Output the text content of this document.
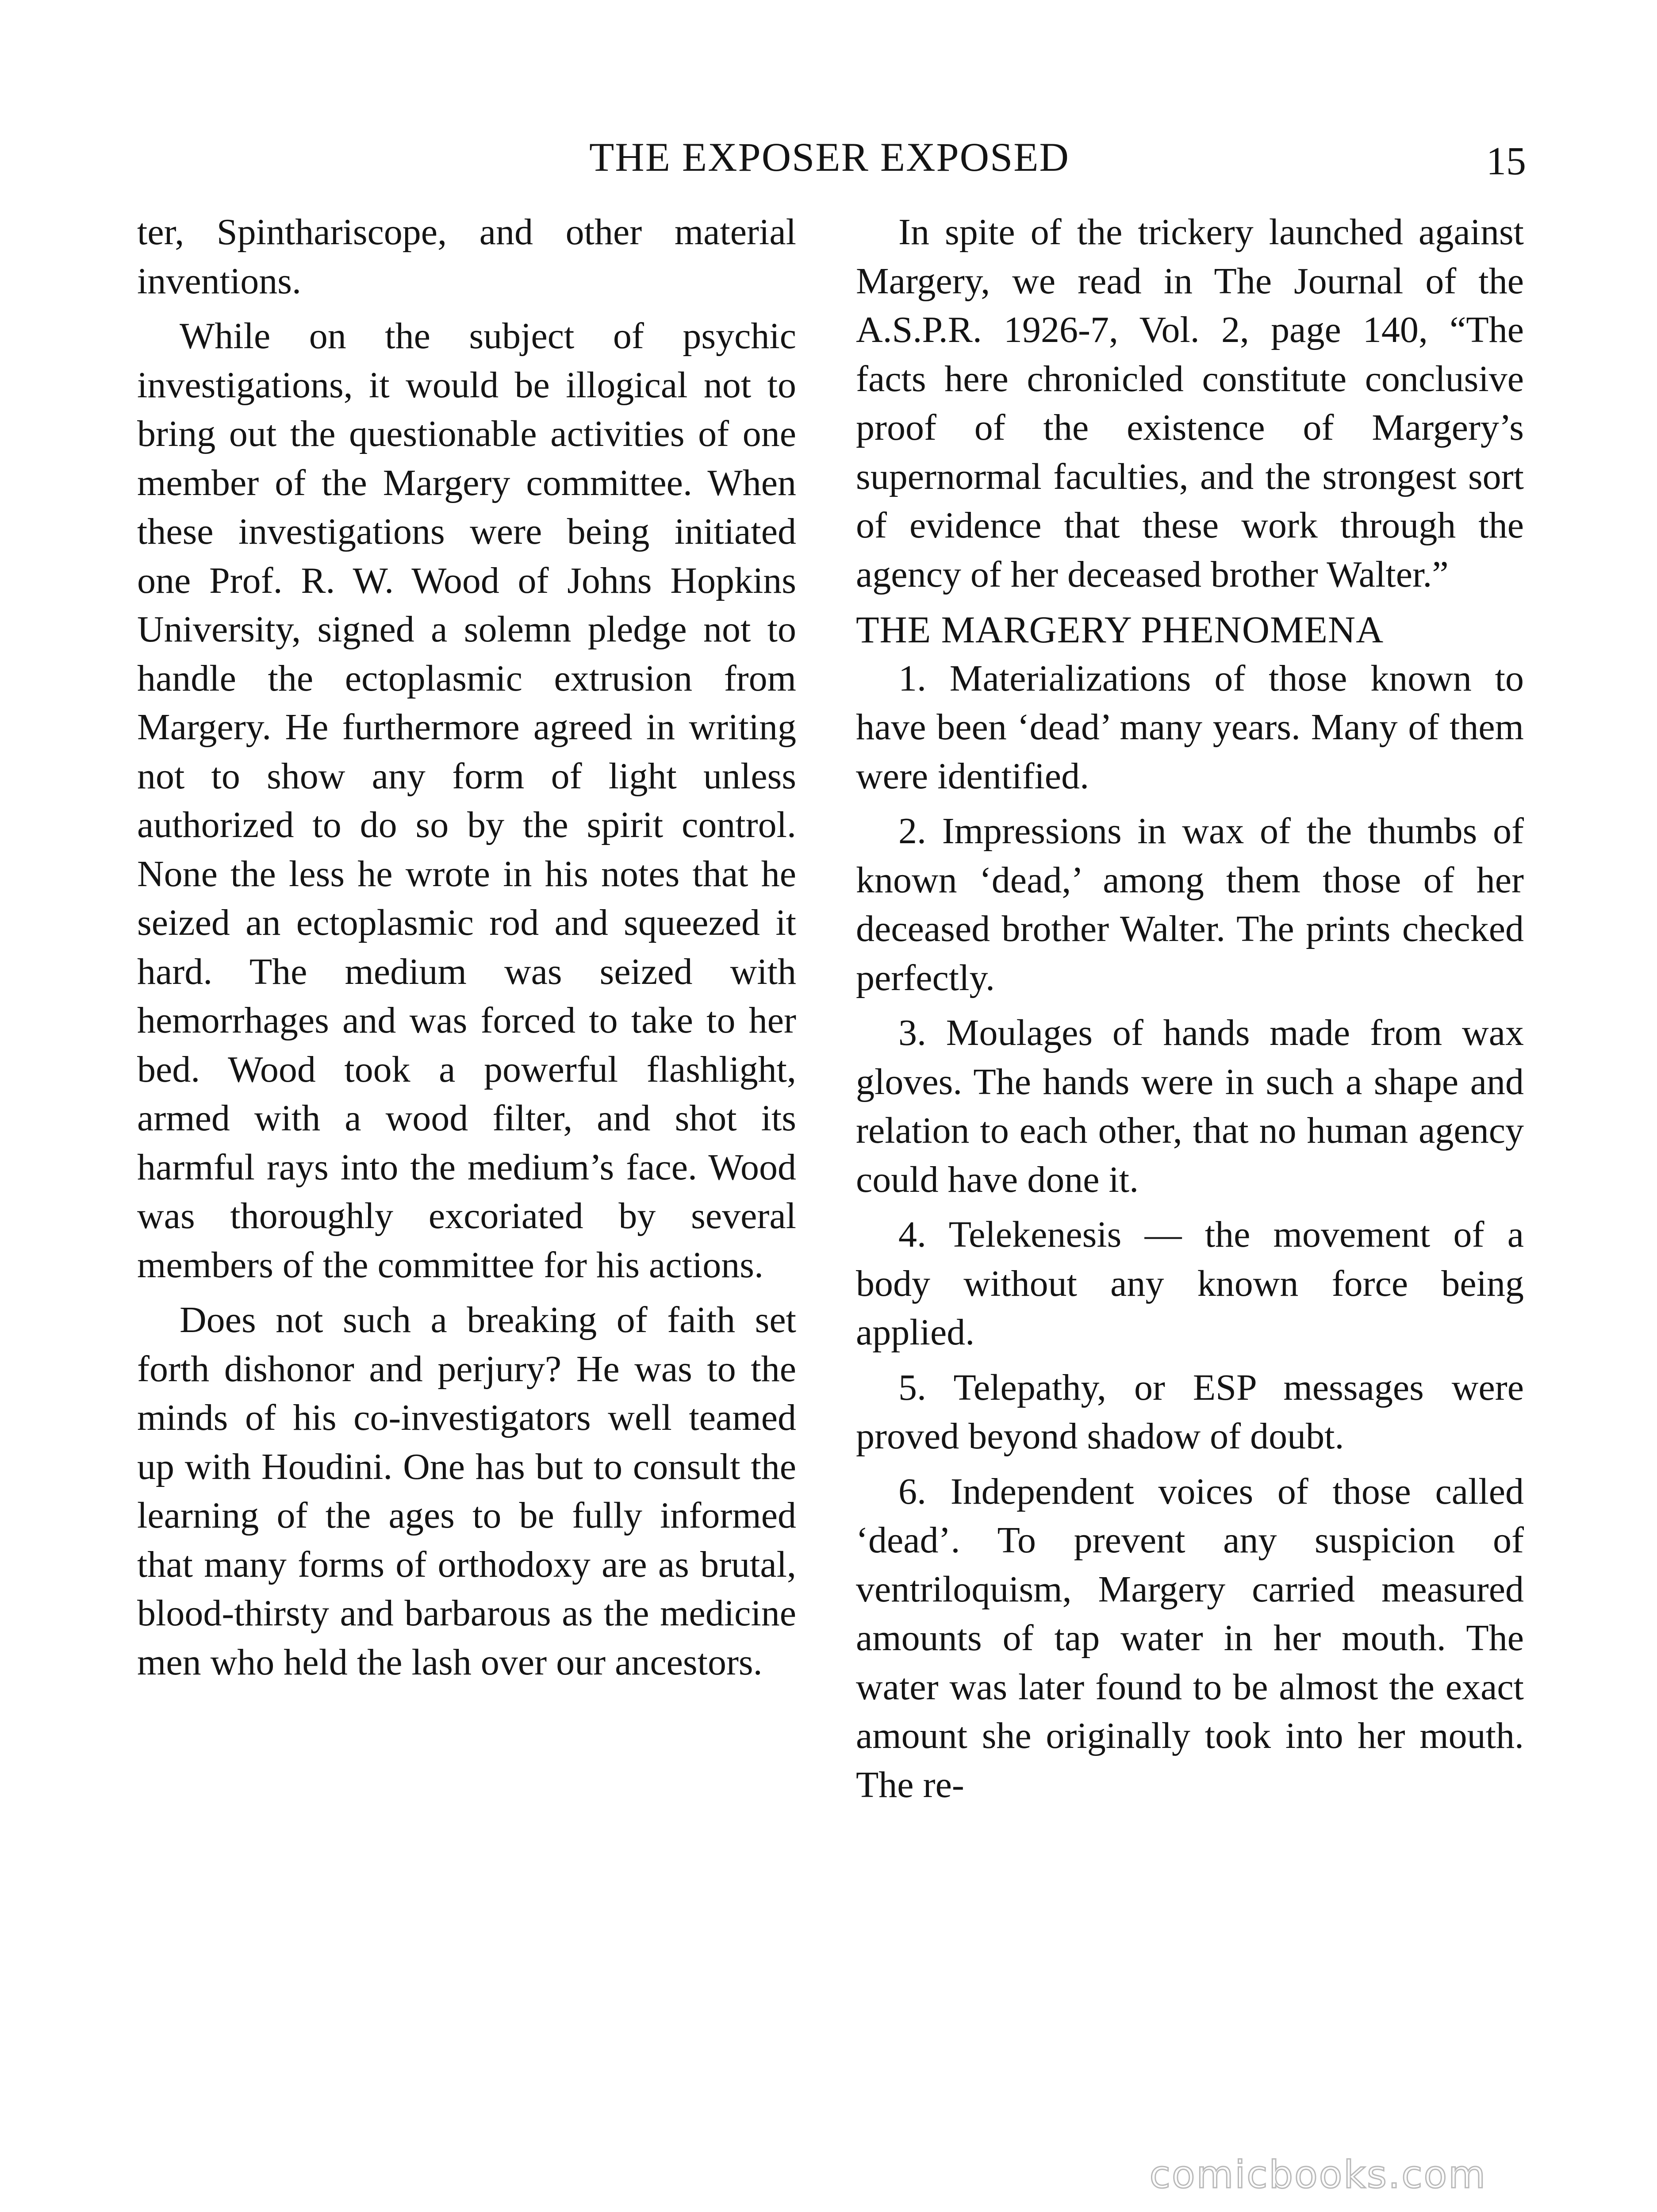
THE EXPOSER EXPOSED	15

ter, Spinthariscope, and other material inventions.

While on the subject of psychic investigations, it would be illogical not to bring out the questionable activities of one member of the Margery committee. When these investigations were being initiated one Prof. R. W. Wood of Johns Hopkins University, signed a solemn pledge not to handle the ectoplasmic extrusion from Margery. He furthermore agreed in writing not to show any form of light unless authorized to do so by the spirit control. None the less he wrote in his notes that he seized an ectoplasmic rod and squeezed it hard. The medium was seized with hemorrhages and was forced to take to her bed. Wood took a powerful flashlight, armed with a wood filter, and shot its harmful rays into the medium’s face. Wood was thoroughly excoriated by several members of the committee for his actions.

Does not such a breaking of faith set forth dishonor and perjury? He was to the minds of his co-investigators well teamed up with Houdini. One has but to consult the learning of the ages to be fully informed that many forms of orthodoxy are as brutal, blood-thirsty and barbarous as the medicine men who held the lash over our ancestors.

In spite of the trickery launched against Margery, we read in The Journal of the A.S.P.R. 1926-7, Vol. 2, page 140, “The facts here chronicled constitute conclusive proof of the existence of Margery’s supernormal faculties, and the strongest sort of evidence that these work through the agency of her deceased brother Walter.”

THE MARGERY PHENOMENA

1. Materializations of those known to have been ‘dead’ many years. Many of them were identified.

2. Impressions in wax of the thumbs of known ‘dead,’ among them those of her deceased brother Walter. The prints checked perfectly.

3. Moulages of hands made from wax gloves. The hands were in such a shape and relation to each other, that no human agency could have done it.

4. Telekenesis — the movement of a body without any known force being applied.

5. Telepathy, or ESP messages were proved beyond shadow of doubt.

6. Independent voices of those called ‘dead’. To prevent any suspicion of ventriloquism, Margery carried measured amounts of tap water in her mouth. The water was later found to be almost the exact amount she originally took into her mouth. The re-

comicbooks.com
